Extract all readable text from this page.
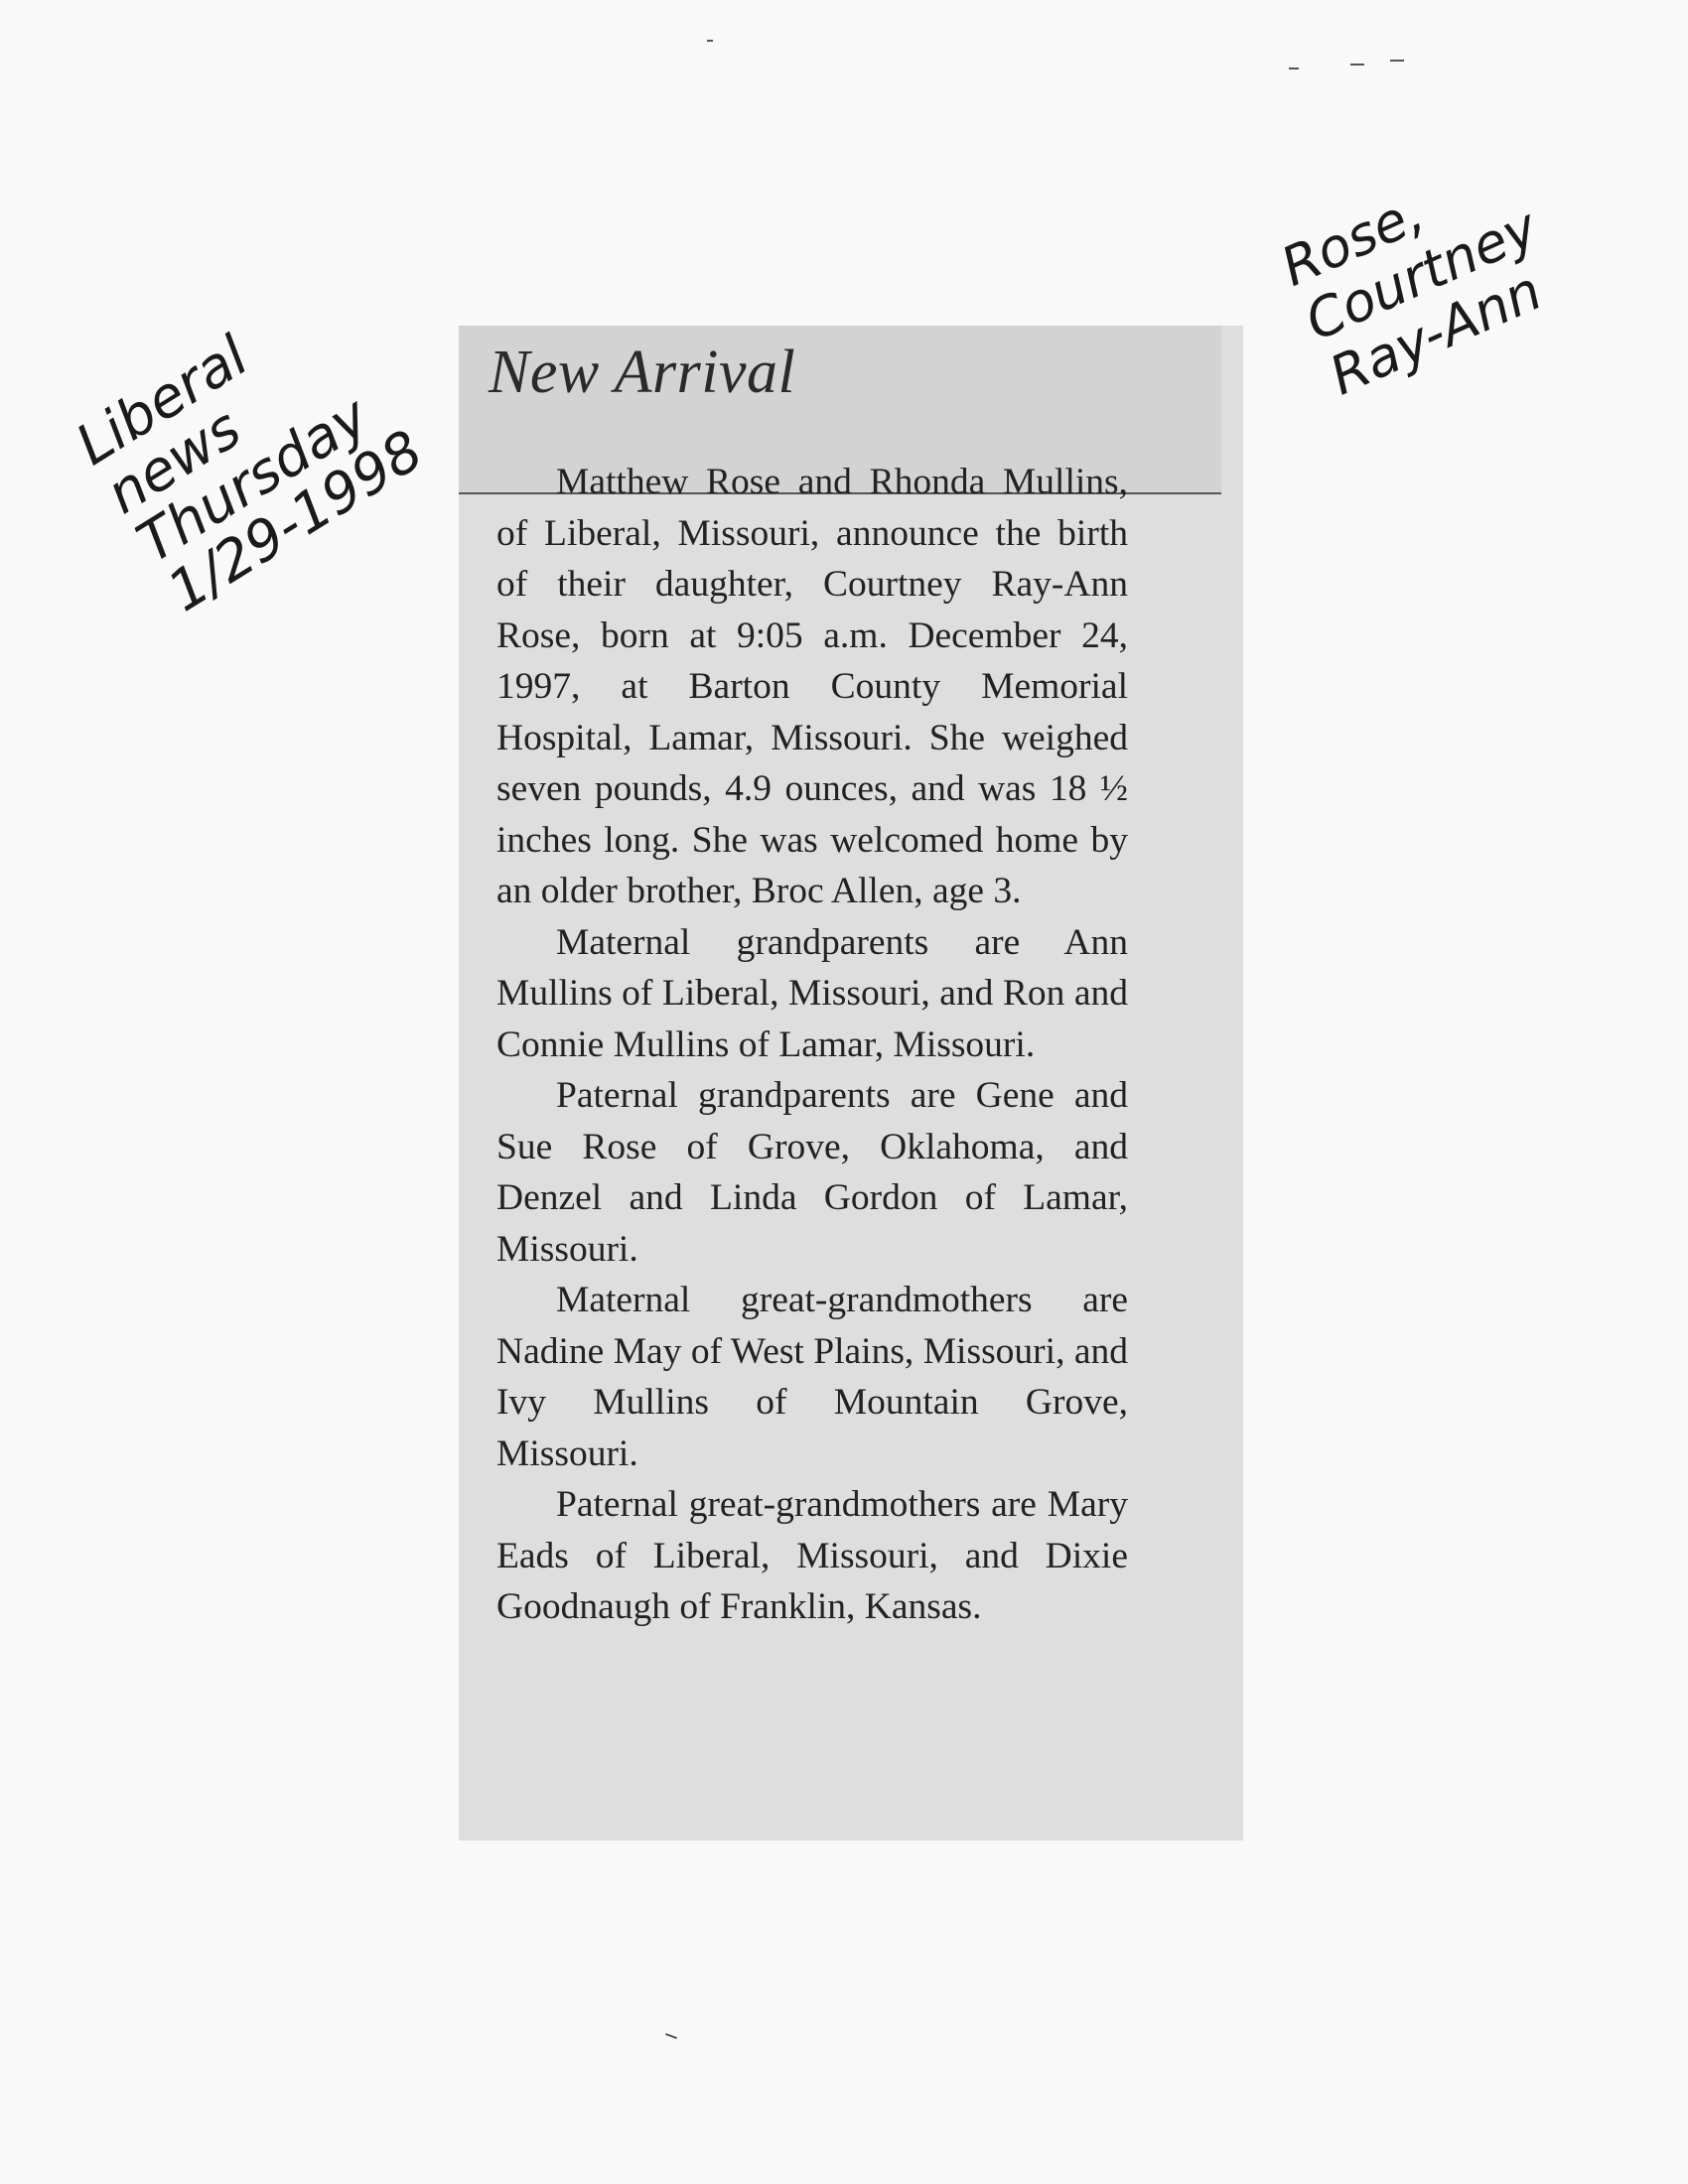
New Arrival

Matthew Rose and Rhonda Mullins, of Liberal, Missouri, announce the birth of their daughter, Courtney Ray-Ann Rose, born at 9:05 a.m. December 24, 1997, at Barton County Memorial Hospital, Lamar, Missouri. She weighed seven pounds, 4.9 ounces, and was 18 ½ inches long. She was welcomed home by an older brother, Broc Allen, age 3.

Maternal grandparents are Ann Mullins of Liberal, Missouri, and Ron and Connie Mullins of Lamar, Missouri.

Paternal grandparents are Gene and Sue Rose of Grove, Oklahoma, and Denzel and Linda Gordon of Lamar, Missouri.

Maternal great-grandmothers are Nadine May of West Plains, Missouri, and Ivy Mullins of Mountain Grove, Missouri.

Paternal great-grandmothers are Mary Eads of Liberal, Missouri, and Dixie Goodnaugh of Franklin, Kansas.

Liberal
news
Thursday
1/29-1998

Rose,
Courtney
Ray-Ann
